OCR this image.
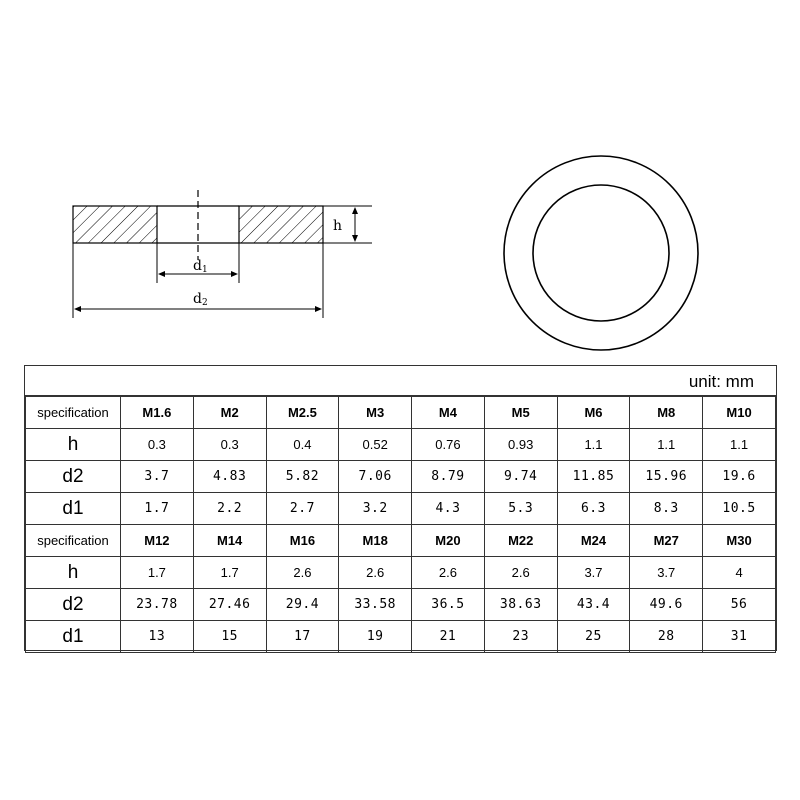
h
d1
d2
unit: mm
specification	M1.6	M2	M2.5	M3	M4	M5	M6	M8	M10
h	0.3	0.3	0.4	0.52	0.76	0.93	1.1	1.1	1.1
d2	3.7	4.83	5.82	7.06	8.79	9.74	11.85	15.96	19.6
d1	1.7	2.2	2.7	3.2	4.3	5.3	6.3	8.3	10.5
specification	M12	M14	M16	M18	M20	M22	M24	M27	M30
h	1.7	1.7	2.6	2.6	2.6	2.6	3.7	3.7	4
d2	23.78	27.46	29.4	33.58	36.5	38.63	43.4	49.6	56
d1	13	15	17	19	21	23	25	28	31
